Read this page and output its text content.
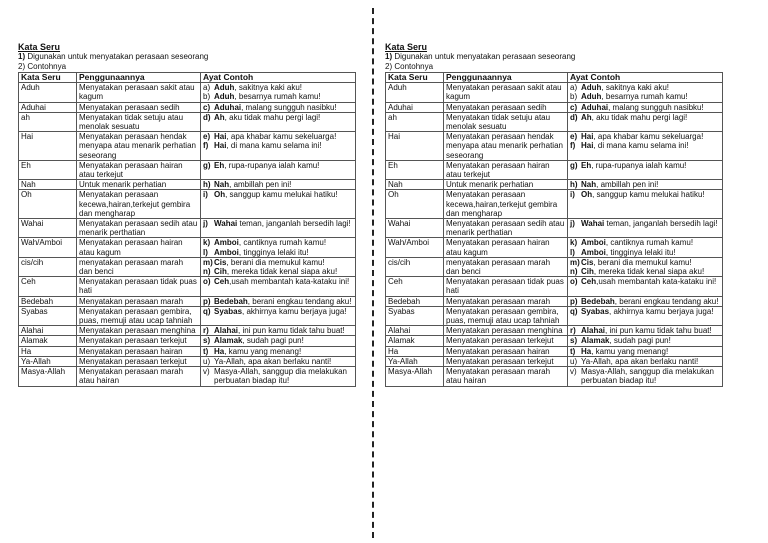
Kata Seru
1) Digunakan untuk menyatakan perasaan seseorang
2) Contohnya
Kata Seru	Penggunaannya	Ayat Contoh
Aduh	Menyatakan perasaan sakit atau kagum	a) Aduh, sakitnya kaki aku!
b) Aduh, besarnya rumah kamu!

Aduhai	Menyatakan perasaan sedih	c) Aduhai, malang sungguh nasibku!

ah	Menyatakan tidak setuju atau menolak sesuatu	d) Ah, aku tidak mahu pergi lagi!

Hai	Menyatakan perasaan hendak menyapa atau menarik perhatian seseorang	e) Hai, apa khabar kamu sekeluarga!
f) Hai, di mana kamu selama ini!

Eh	Menyatakan perasaan hairan atau terkejut	g) Eh, rupa-rupanya ialah kamu!

Nah	Untuk menarik perhatian	h) Nah, ambillah pen ini!

Oh	Menyatakan perasaan kecewa,hairan,terkejut gembira dan mengharap	i) Oh, sanggup kamu melukai hatiku!

Wahai	Menyatakan perasaan sedih atau menarik perthatian	j) Wahai teman, janganlah bersedih lagi!

Wah/Amboi	Menyatakan perasaan hairan atau kagum	k) Amboi, cantiknya rumah kamu!
l) Amboi, tingginya lelaki itu!

cis/cih	menyatakan perasaan marah dan benci	m) Cis, berani dia memukul kamu!
n) Cih, mereka tidak kenal siapa aku!

Ceh	Menyatakan perasaan tidak puas hati	o) Ceh,usah membantah kata-kataku ini!

Bedebah	Menyatakan perasaan marah	p) Bedebah, berani engkau tendang aku!

Syabas	Menyatakan perasaan gembira, puas, memuji atau ucap tahniah	q) Syabas, akhirnya kamu berjaya juga!

Alahai	Menyatakan perasaan menghina	r) Alahai, ini pun kamu tidak tahu buat!

Alamak	Menyatakan perasaan terkejut	s) Alamak, sudah pagi pun!

Ha	Menyatakan perasaan hairan	t) Ha, kamu yang menang!

Ya-Allah	Menyatakan perasaan terkejut	u) Ya-Allah, apa akan berlaku nanti!

Masya-Allah	Menyatakan perasaan marah atau hairan	v) Masya-Allah, sanggup dia melakukan perbuatan biadap itu!
Kata Seru
1) Digunakan untuk menyatakan perasaan seseorang
2) Contohnya
Kata Seru	Penggunaannya	Ayat Contoh
Aduh	Menyatakan perasaan sakit atau kagum	a) Aduh, sakitnya kaki aku!
b) Aduh, besarnya rumah kamu!

Aduhai	Menyatakan perasaan sedih	c) Aduhai, malang sungguh nasibku!

ah	Menyatakan tidak setuju atau menolak sesuatu	d) Ah, aku tidak mahu pergi lagi!

Hai	Menyatakan perasaan hendak menyapa atau menarik perhatian seseorang	e) Hai, apa khabar kamu sekeluarga!
f) Hai, di mana kamu selama ini!

Eh	Menyatakan perasaan hairan atau terkejut	g) Eh, rupa-rupanya ialah kamu!

Nah	Untuk menarik perhatian	h) Nah, ambillah pen ini!

Oh	Menyatakan perasaan kecewa,hairan,terkejut gembira dan mengharap	i) Oh, sanggup kamu melukai hatiku!

Wahai	Menyatakan perasaan sedih atau menarik perthatian	j) Wahai teman, janganlah bersedih lagi!

Wah/Amboi	Menyatakan perasaan hairan atau kagum	k) Amboi, cantiknya rumah kamu!
l) Amboi, tingginya lelaki itu!

cis/cih	menyatakan perasaan marah dan benci	m) Cis, berani dia memukul kamu!
n) Cih, mereka tidak kenal siapa aku!

Ceh	Menyatakan perasaan tidak puas hati	o) Ceh,usah membantah kata-kataku ini!

Bedebah	Menyatakan perasaan marah	p) Bedebah, berani engkau tendang aku!

Syabas	Menyatakan perasaan gembira, puas, memuji atau ucap tahniah	q) Syabas, akhirnya kamu berjaya juga!

Alahai	Menyatakan perasaan menghina	r) Alahai, ini pun kamu tidak tahu buat!

Alamak	Menyatakan perasaan terkejut	s) Alamak, sudah pagi pun!

Ha	Menyatakan perasaan hairan	t) Ha, kamu yang menang!

Ya-Allah	Menyatakan perasaan terkejut	u) Ya-Allah, apa akan berlaku nanti!

Masya-Allah	Menyatakan perasaan marah atau hairan	v) Masya-Allah, sanggup dia melakukan perbuatan biadap itu!
